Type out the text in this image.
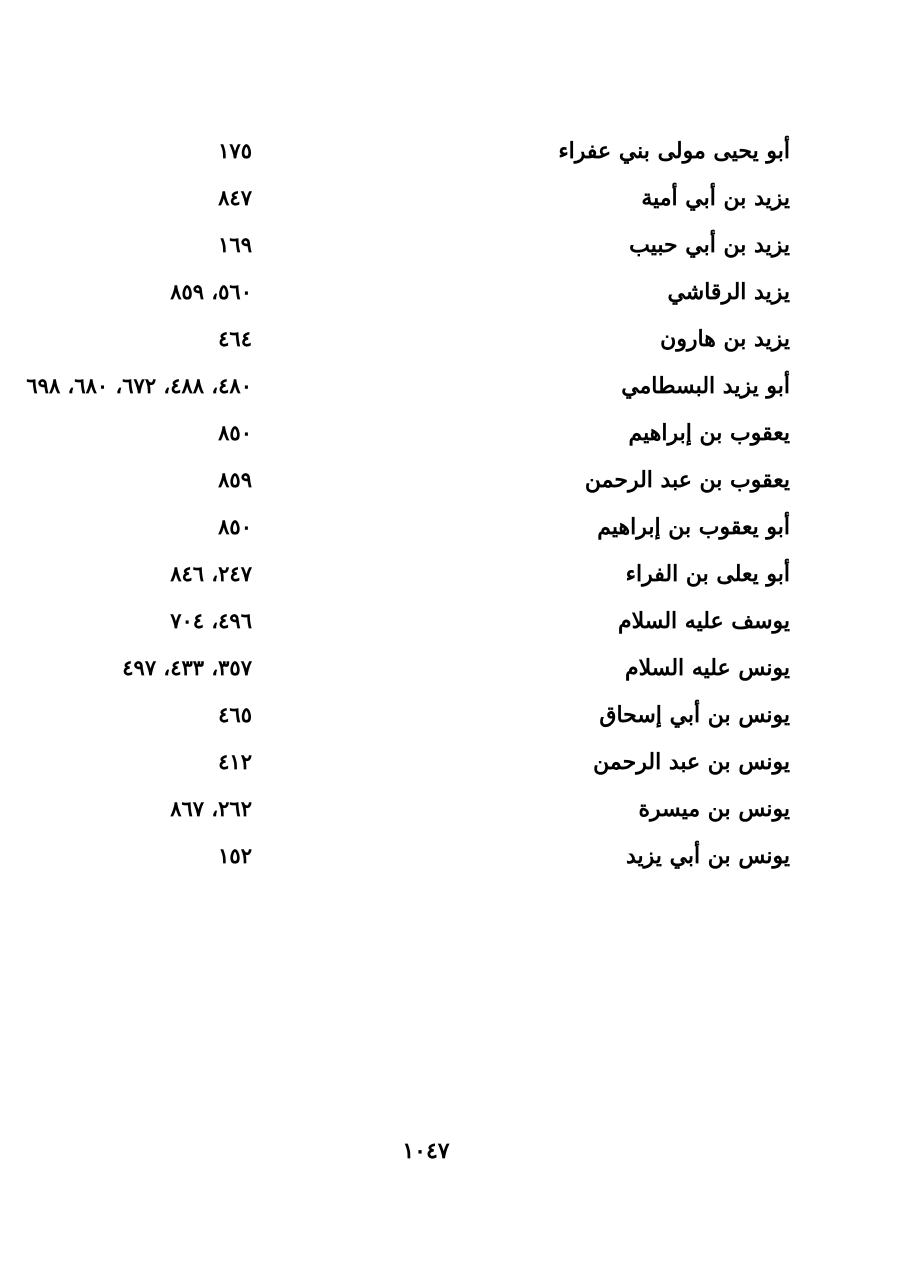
أبو يحيى مولى بني عفراء
١٧٥
يزيد بن أبي أمية
٨٤٧
يزيد بن أبي حبيب
١٦٩
يزيد الرقاشي
٥٦٠، ٨٥٩
يزيد بن هارون
٤٦٤
أبو يزيد البسطامي
٤٨٠، ٤٨٨، ٦٧٢، ٦٨٠، ٦٩٨
يعقوب بن إبراهيم
٨٥٠
يعقوب بن عبد الرحمن
٨٥٩
أبو يعقوب بن إبراهيم
٨٥٠
أبو يعلى بن الفراء
٢٤٧، ٨٤٦
يوسف عليه السلام
٤٩٦، ٧٠٤
يونس عليه السلام
٣٥٧، ٤٣٣، ٤٩٧
يونس بن أبي إسحاق
٤٦٥
يونس بن عبد الرحمن
٤١٢
يونس بن ميسرة
٢٦٢، ٨٦٧
يونس بن أبي يزيد
١٥٢
١٠٤٧
